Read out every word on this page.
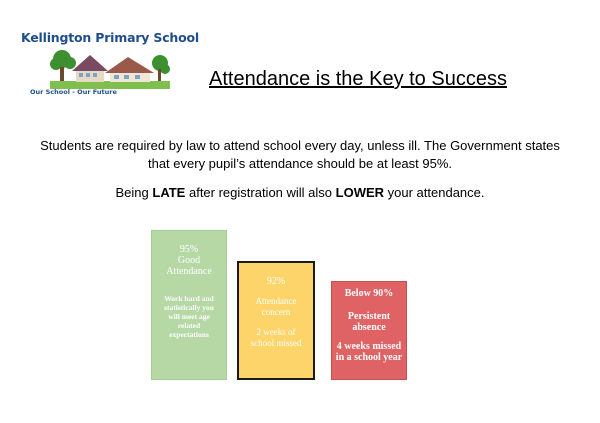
Kellington Primary School
Our School - Our Future
Attendance is the Key to Success
Students are required by law to attend school every day, unless ill. The Government states that every pupil’s attendance should be at least 95%.
Being LATE after registration will also LOWER your attendance.
95%
Good
Attendance
Work hard and statistically you will meet age related expectations
92%
Attendance concern
2 weeks of school missed
Below 90%
Persistent absence
4 weeks missed in a school year
